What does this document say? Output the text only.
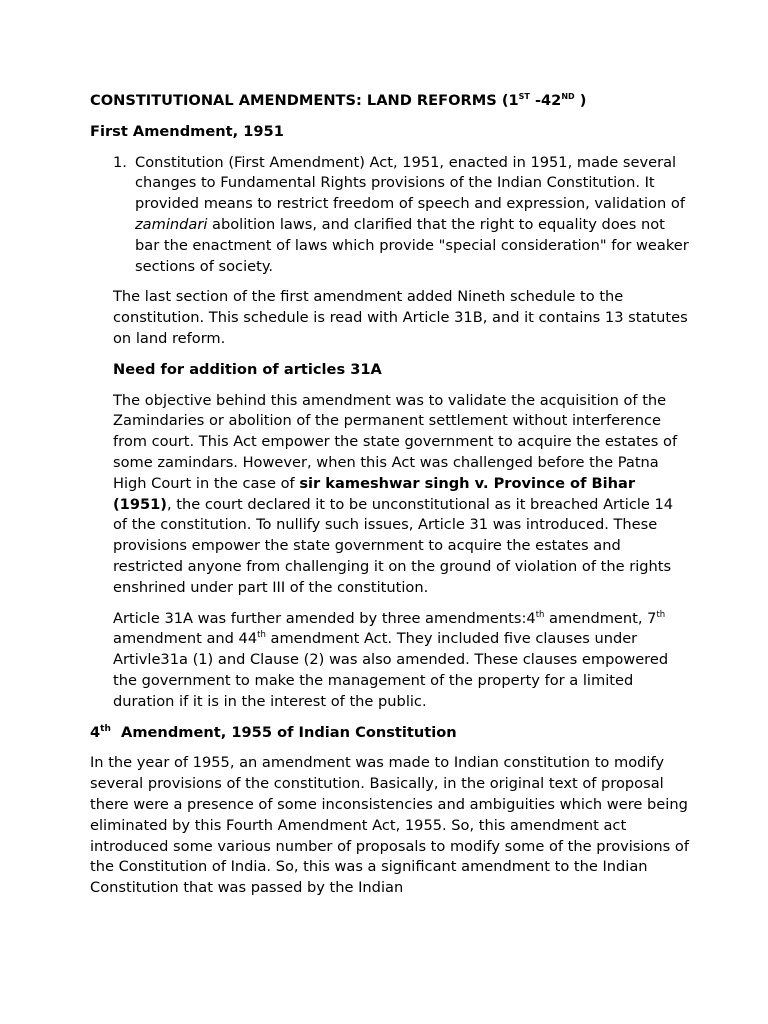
CONSTITUTIONAL AMENDMENTS: LAND REFORMS (1ST -42ND )
First Amendment, 1951
1. Constitution (First Amendment) Act, 1951, enacted in 1951, made several changes to Fundamental Rights provisions of the Indian Constitution. It provided means to restrict freedom of speech and expression, validation of zamindari abolition laws, and clarified that the right to equality does not bar the enactment of laws which provide "special consideration" for weaker sections of society.

The last section of the first amendment added Nineth schedule to the constitution. This schedule is read with Article 31B, and it contains 13 statutes on land reform.

Need for addition of articles 31A

The objective behind this amendment was to validate the acquisition of the Zamindaries or abolition of the permanent settlement without interference from court. This Act empower the state government to acquire the estates of some zamindars. However, when this Act was challenged before the Patna High Court in the case of sir kameshwar singh v. Province of Bihar (1951), the court declared it to be unconstitutional as it breached Article 14 of the constitution. To nullify such issues, Article 31 was introduced. These provisions empower the state government to acquire the estates and restricted anyone from challenging it on the ground of violation of the rights enshrined under part III of the constitution.

Article 31A was further amended by three amendments:4th amendment, 7th amendment and 44th amendment Act. They included five clauses under Artivle31a (1) and Clause (2) was also amended. These clauses empowered the government to make the management of the property for a limited duration if it is in the interest of the public.

4th  Amendment, 1955 of Indian Constitution

In the year of 1955, an amendment was made to Indian constitution to modify several provisions of the constitution. Basically, in the original text of proposal there were a presence of some inconsistencies and ambiguities which were being eliminated by this Fourth Amendment Act, 1955. So, this amendment act introduced some various number of proposals to modify some of the provisions of the Constitution of India. So, this was a significant amendment to the Indian Constitution that was passed by the Indian
